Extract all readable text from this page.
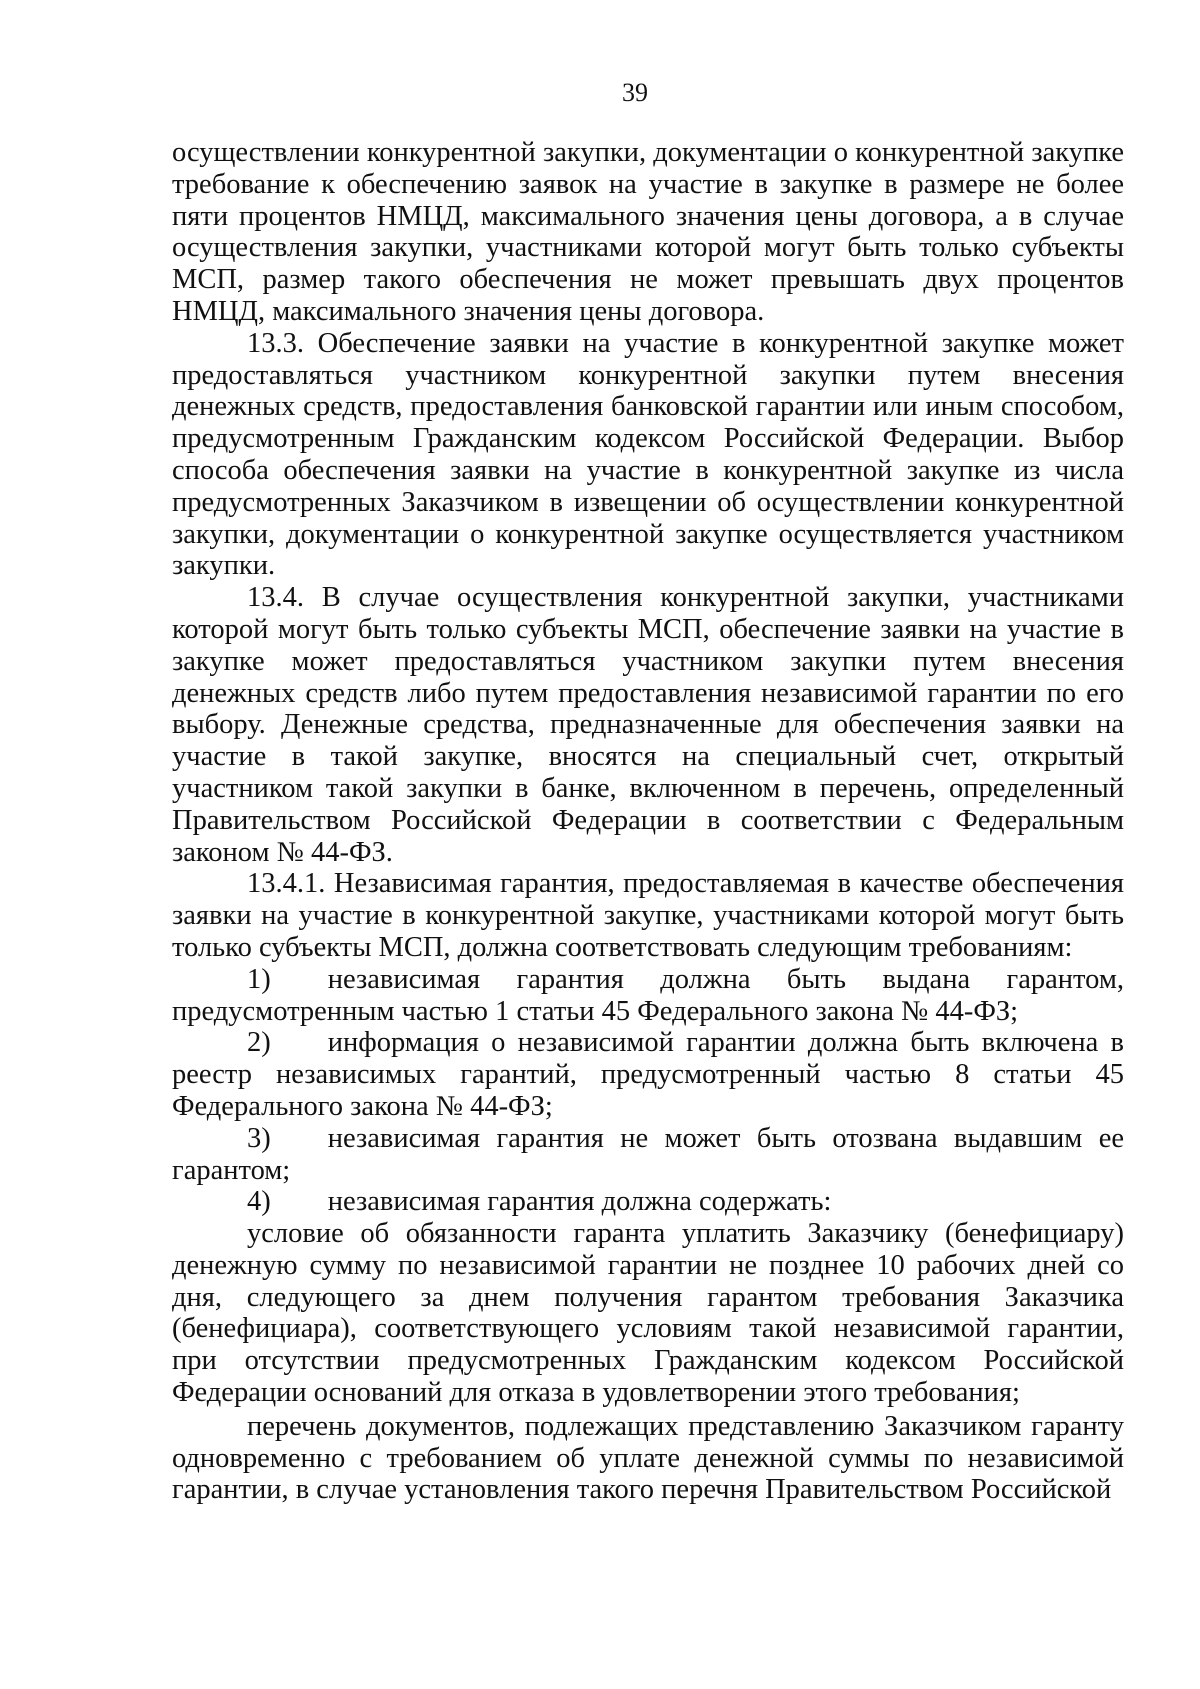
39

осуществлении конкурентной закупки, документации о конкурентной закупке требование к обеспечению заявок на участие в закупке в размере не более пяти процентов НМЦД, максимального значения цены договора, а в случае осуществления закупки, участниками которой могут быть только субъекты МСП, размер такого обеспечения не может превышать двух процентов НМЦД, максимального значения цены договора.

13.3. Обеспечение заявки на участие в конкурентной закупке может предоставляться участником конкурентной закупки путем внесения денежных средств, предоставления банковской гарантии или иным способом, предусмотренным Гражданским кодексом Российской Федерации. Выбор способа обеспечения заявки на участие в конкурентной закупке из числа предусмотренных Заказчиком в извещении об осуществлении конкурентной закупки, документации о конкурентной закупке осуществляется участником закупки.

13.4. В случае осуществления конкурентной закупки, участниками которой могут быть только субъекты МСП, обеспечение заявки на участие в закупке может предоставляться участником закупки путем внесения денежных средств либо путем предоставления независимой гарантии по его выбору. Денежные средства, предназначенные для обеспечения заявки на участие в такой закупке, вносятся на специальный счет, открытый участником такой закупки в банке, включенном в перечень, определенный Правительством Российской Федерации в соответствии с Федеральным законом № 44-ФЗ.

13.4.1. Независимая гарантия, предоставляемая в качестве обеспечения заявки на участие в конкурентной закупке, участниками которой могут быть только субъекты МСП, должна соответствовать следующим требованиям:

1)  независимая гарантия должна быть выдана гарантом, предусмотренным частью 1 статьи 45 Федерального закона № 44-ФЗ;

2)  информация о независимой гарантии должна быть включена в реестр независимых гарантий, предусмотренный частью 8 статьи 45 Федерального закона № 44-ФЗ;

3)  независимая гарантия не может быть отозвана выдавшим ее гарантом;

4)  независимая гарантия должна содержать:

условие об обязанности гаранта уплатить Заказчику (бенефициару) денежную сумму по независимой гарантии не позднее 10 рабочих дней со дня, следующего за днем получения гарантом требования Заказчика (бенефициара), соответствующего условиям такой независимой гарантии, при отсутствии предусмотренных Гражданским кодексом Российской Федерации оснований для отказа в удовлетворении этого требования;

перечень документов, подлежащих представлению Заказчиком гаранту одновременно с требованием об уплате денежной суммы по независимой гарантии, в случае установления такого перечня Правительством Российской
